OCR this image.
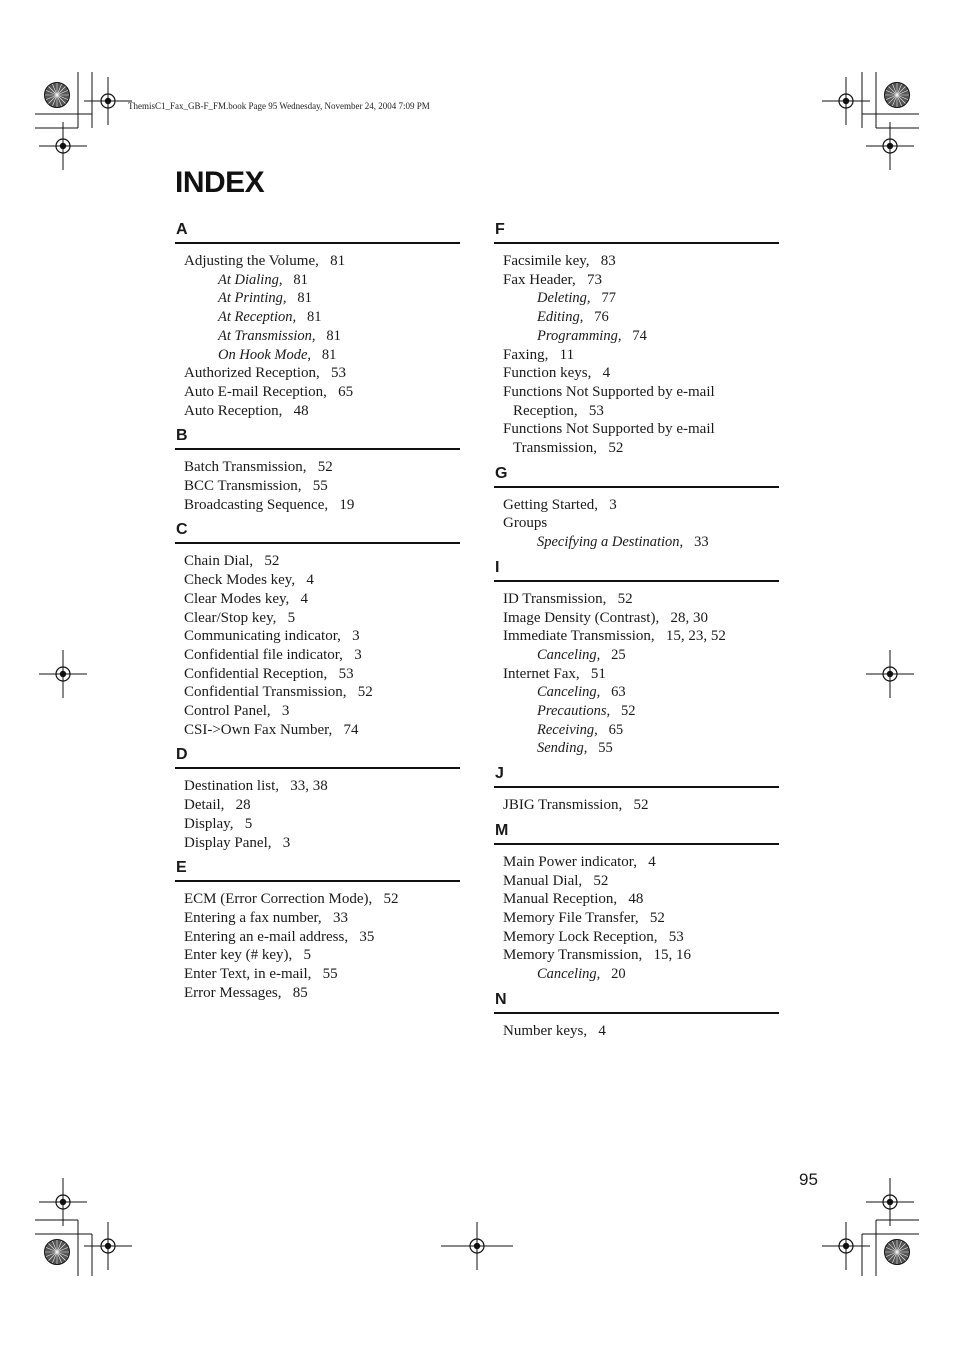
ThemisC1_Fax_GB-F_FM.book Page 95 Wednesday, November 24, 2004 7:09 PM
INDEX
A
Adjusting the Volume, 81
At Dialing, 81
At Printing, 81
At Reception, 81
At Transmission, 81
On Hook Mode, 81
Authorized Reception, 53
Auto E-mail Reception, 65
Auto Reception, 48
B
Batch Transmission, 52
BCC Transmission, 55
Broadcasting Sequence, 19
C
Chain Dial, 52
Check Modes key, 4
Clear Modes key, 4
Clear/Stop key, 5
Communicating indicator, 3
Confidential file indicator, 3
Confidential Reception, 53
Confidential Transmission, 52
Control Panel, 3
CSI->Own Fax Number, 74
D
Destination list, 33, 38
Detail, 28
Display, 5
Display Panel, 3
E
ECM (Error Correction Mode), 52
Entering a fax number, 33
Entering an e-mail address, 35
Enter key (# key), 5
Enter Text, in e-mail, 55
Error Messages, 85
F
Facsimile key, 83
Fax Header, 73
Deleting, 77
Editing, 76
Programming, 74
Faxing, 11
Function keys, 4
Functions Not Supported by e-mail
Reception, 53
Functions Not Supported by e-mail
Transmission, 52
G
Getting Started, 3
Groups
Specifying a Destination, 33
I
ID Transmission, 52
Image Density (Contrast), 28, 30
Immediate Transmission, 15, 23, 52
Canceling, 25
Internet Fax, 51
Canceling, 63
Precautions, 52
Receiving, 65
Sending, 55
J
JBIG Transmission, 52
M
Main Power indicator, 4
Manual Dial, 52
Manual Reception, 48
Memory File Transfer, 52
Memory Lock Reception, 53
Memory Transmission, 15, 16
Canceling, 20
N
Number keys, 4
95
